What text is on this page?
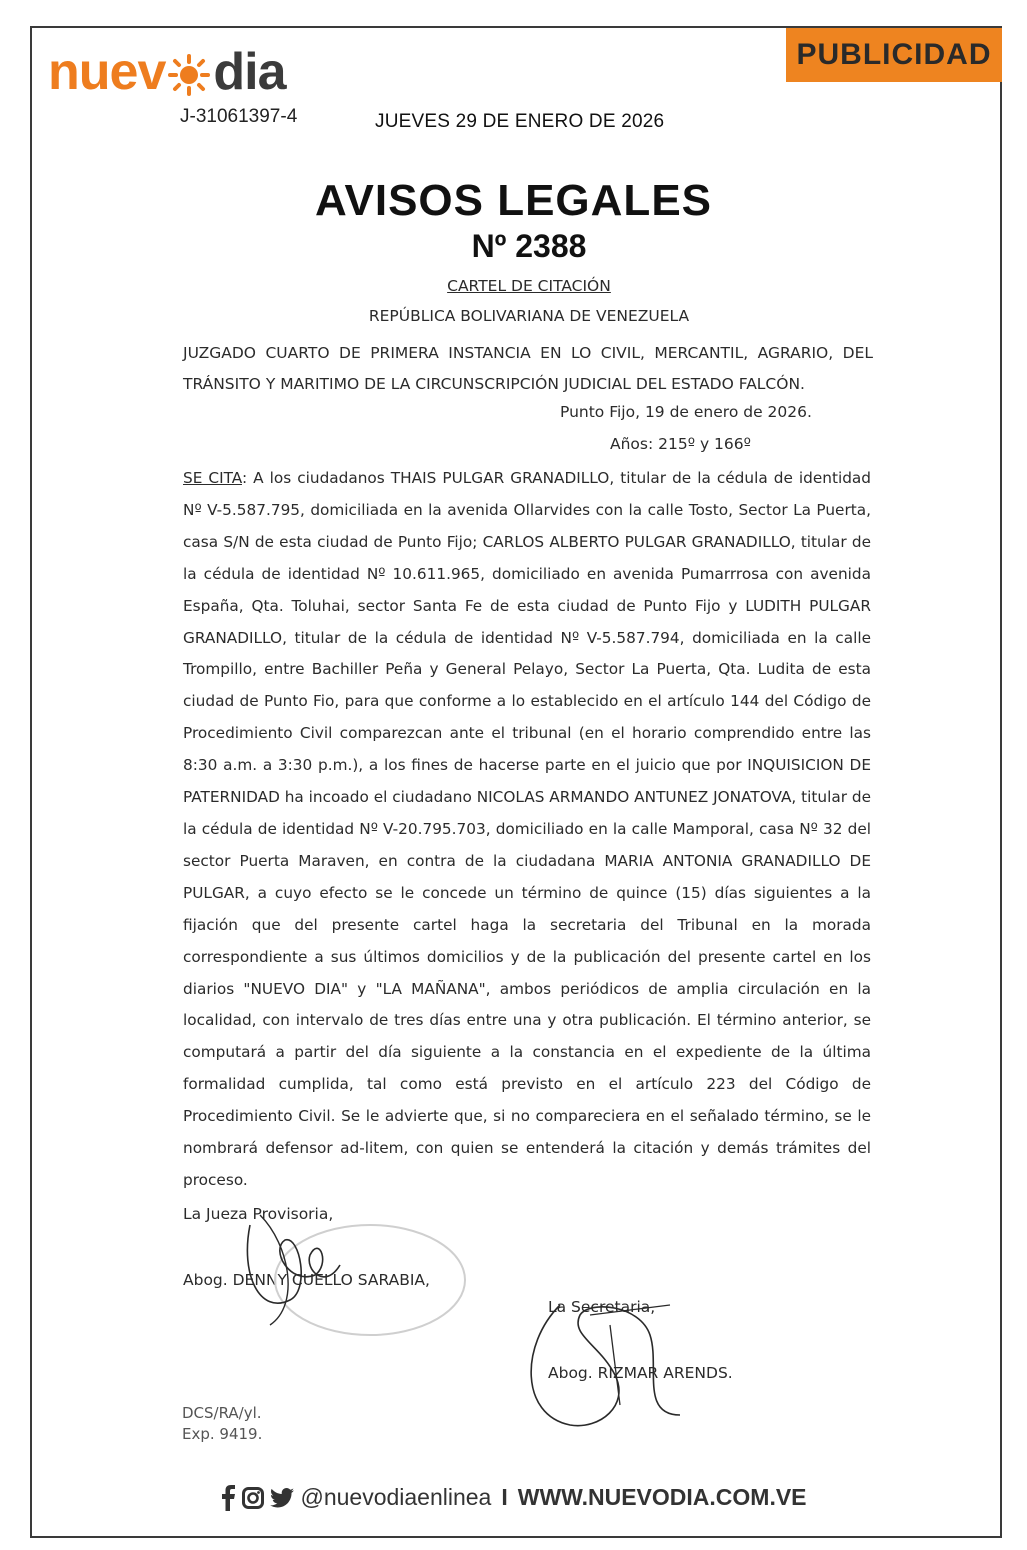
nuev dia
J-31061397-4	JUEVES 29 DE ENERO DE 2026
PUBLICIDAD
AVISOS LEGALES
Nº 2388
CARTEL DE CITACIÓN
REPÚBLICA BOLIVARIANA DE VENEZUELA
JUZGADO CUARTO DE PRIMERA INSTANCIA EN LO CIVIL, MERCANTIL, AGRARIO, DEL TRÁNSITO Y MARITIMO DE LA CIRCUNSCRIPCIÓN JUDICIAL DEL ESTADO FALCÓN.
Punto Fijo, 19 de enero de 2026.
Años: 215º y 166º
SE CITA: A los ciudadanos THAIS PULGAR GRANADILLO, titular de la cédula de identidad Nº V-5.587.795, domiciliada en la avenida Ollarvides con la calle Tosto, Sector La Puerta, casa S/N de esta ciudad de Punto Fijo; CARLOS ALBERTO PULGAR GRANADILLO, titular de la cédula de identidad Nº 10.611.965, domiciliado en avenida Pumarrrosa con avenida España, Qta. Toluhai, sector Santa Fe de esta ciudad de Punto Fijo y LUDITH PULGAR GRANADILLO, titular de la cédula de identidad Nº V-5.587.794, domiciliada en la calle Trompillo, entre Bachiller Peña y General Pelayo, Sector La Puerta, Qta. Ludita de esta ciudad de Punto Fio, para que conforme a lo establecido en el artículo 144 del Código de Procedimiento Civil comparezcan ante el tribunal (en el horario comprendido entre las 8:30 a.m. a 3:30 p.m.), a los fines de hacerse parte en el juicio que por INQUISICION DE PATERNIDAD ha incoado el ciudadano NICOLAS ARMANDO ANTUNEZ JONATOVA, titular de la cédula de identidad Nº V-20.795.703, domiciliado en la calle Mamporal, casa Nº 32 del sector Puerta Maraven, en contra de la ciudadana MARIA ANTONIA GRANADILLO DE PULGAR, a cuyo efecto se le concede un término de quince (15) días siguientes a la fijación que del presente cartel haga la secretaria del Tribunal en la morada correspondiente a sus últimos domicilios y de la publicación del presente cartel en los diarios "NUEVO DIA" y "LA MAÑANA", ambos periódicos de amplia circulación en la localidad, con intervalo de tres días entre una y otra publicación. El término anterior, se computará a partir del día siguiente a la constancia en el expediente de la última formalidad cumplida, tal como está previsto en el artículo 223 del Código de Procedimiento Civil. Se le advierte que, si no compareciera en el señalado término, se le nombrará defensor ad-litem, con quien se entenderá la citación y demás trámites del proceso.
La Jueza Provisoria,
Abog. DENNY CUELLO SARABIA,
La Secretaria,
Abog. RIZMAR ARENDS.
DCS/RA/yl.
Exp. 9419.
@nuevodiaenlinea I WWW.NUEVODIA.COM.VE
